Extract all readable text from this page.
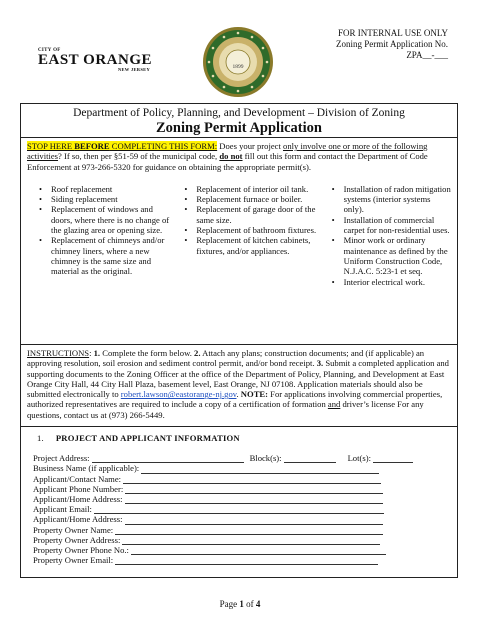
CITY OF
EAST ORANGE
NEW JERSEY	1899
FOR INTERNAL USE ONLY
Zoning Permit Application No.
ZPA__-___
Department of Policy, Planning, and Development – Division of Zoning
Zoning Permit Application
STOP HERE BEFORE COMPLETING THIS FORM: Does your project only involve one or more of the following activities? If so, then per §51-59 of the municipal code, do not fill out this form and contact the Department of Code Enforcement at 973-266-5320 for guidance on obtaining the appropriate permit(s).
• Roof replacement
• Siding replacement
• Replacement of windows and doors, where there is no change of the glazing area or opening size.
• Replacement of chimneys and/or chimney liners, where a new chimney is the same size and material as the original.
• Replacement of interior oil tank.
• Replacement furnace or boiler.
• Replacement of garage door of the same size.
• Replacement of bathroom fixtures.
• Replacement of kitchen cabinets, fixtures, and/or appliances.
• Installation of radon mitigation systems (interior systems only).
• Installation of commercial carpet for non-residential uses.
• Minor work or ordinary maintenance as defined by the Uniform Construction Code, N.J.A.C. 5:23-1 et seq.
• Interior electrical work.
INSTRUCTIONS: 1. Complete the form below. 2. Attach any plans; construction documents; and (if applicable) an approving resolution, soil erosion and sediment control permit, and/or bond receipt. 3. Submit a completed application and supporting documents to the Zoning Officer at the office of the Department of Policy, Planning, and Development at East Orange City Hall, 44 City Hall Plaza, basement level, East Orange, NJ 07108. Application materials should also be submitted electronically to robert.lawson@eastorange-nj.gov. NOTE: For applications involving commercial properties, authorized representatives are required to include a copy of a certification of formation and driver’s license For any questions, contact us at (973) 266-5449.
1. PROJECT AND APPLICANT INFORMATION
Project Address:	Block(s):	Lot(s):
Business Name (if applicable):
Applicant/Contact Name:
Applicant Phone Number:
Applicant/Home Address:
Applicant Email:
Applicant/Home Address:
Property Owner Name:
Property Owner Address:
Property Owner Phone No.:
Property Owner Email:
Page 1 of 4
